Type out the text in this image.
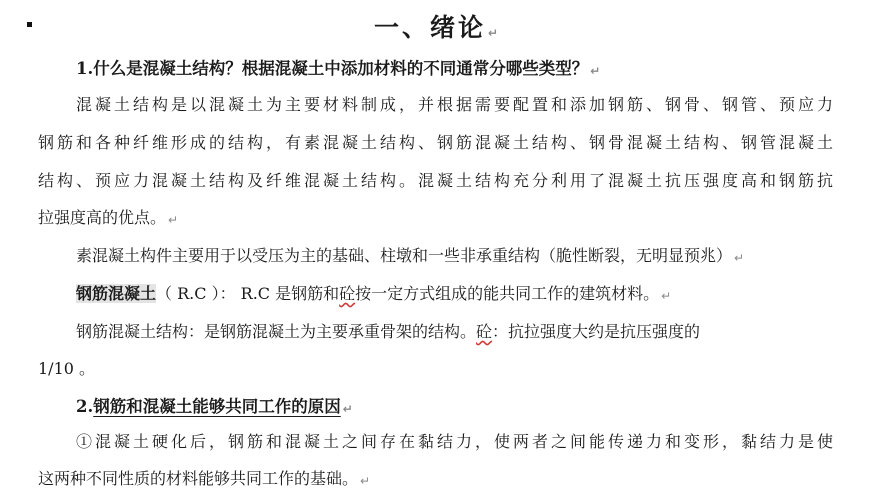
一、绪论 ↵
1.什么是混凝土结构？根据混凝土中添加材料的不同通常分哪些类型？ ↵
混凝土结构是以混凝土为主要材料制成，并根据需要配置和添加钢筋、钢骨、钢管、预应力
钢筋和各种纤维形成的结构，有素混凝土结构、钢筋混凝土结构、钢骨混凝土结构、钢管混凝土
结构、预应力混凝土结构及纤维混凝土结构。混凝土结构充分利用了混凝土抗压强度高和钢筋抗
拉强度高的优点。 ↵
素混凝土构件主要用于以受压为主的基础、柱墩和一些非承重结构（脆性断裂，无明显预兆） ↵
钢筋混凝土（ R.C ）： R.C 是钢筋和砼按一定方式组成的能共同工作的建筑材料。 ↵
钢筋混凝土结构：是钢筋混凝土为主要承重骨架的结构。砼：抗拉强度大约是抗压强度的
1/10 。
2.钢筋和混凝土能够共同工作的原因 ↵
①混凝土硬化后，钢筋和混凝土之间存在黏结力，使两者之间能传递力和变形，黏结力是使
这两种不同性质的材料能够共同工作的基础。 ↵
